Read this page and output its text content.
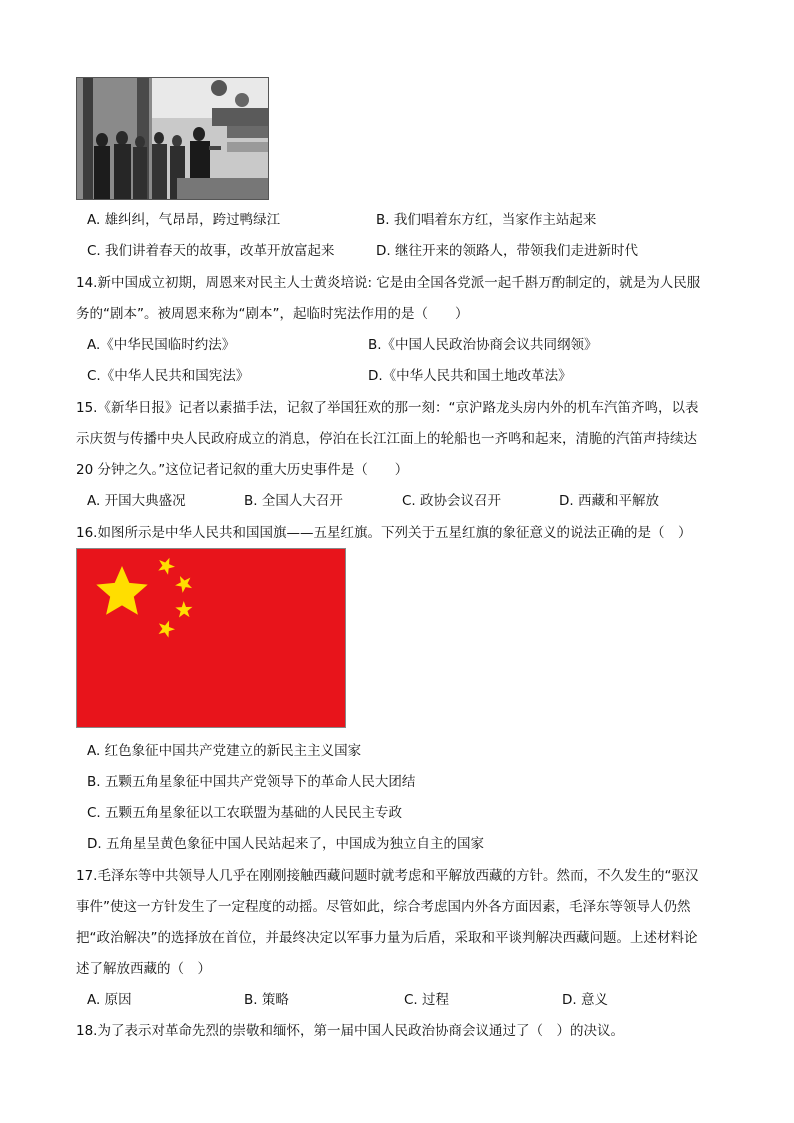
A. 雄纠纠，气昂昂，跨过鸭绿江	B. 我们唱着东方红，当家作主站起来
C. 我们讲着春天的故事，改革开放富起来	D. 继往开来的领路人，带领我们走进新时代
14.新中国成立初期，周恩来对民主人士黄炎培说: 它是由全国各党派一起千斟万酌制定的，就是为人民服
务的“剧本”。被周恩来称为“剧本”，起临时宪法作用的是（　　）
A.《中华民国临时约法》	B.《中国人民政治协商会议共同纲领》
C.《中华人民共和国宪法》	D.《中华人民共和国土地改革法》
15.《新华日报》记者以素描手法，记叙了举国狂欢的那一刻：“京沪路龙头房内外的机车汽笛齐鸣，以表
示庆贺与传播中央人民政府成立的消息，停泊在长江江面上的轮船也一齐鸣和起来，清脆的汽笛声持续达
20 分钟之久。”这位记者记叙的重大历史事件是（　　）
A. 开国大典盛况	B. 全国人大召开	C. 政协会议召开	D. 西藏和平解放
16.如图所示是中华人民共和国国旗——五星红旗。下列关于五星红旗的象征意义的说法正确的是（　）
A. 红色象征中国共产党建立的新民主主义国家
B. 五颗五角星象征中国共产党领导下的革命人民大团结
C. 五颗五角星象征以工农联盟为基础的人民民主专政
D. 五角星呈黄色象征中国人民站起来了，中国成为独立自主的国家
17.毛泽东等中共领导人几乎在刚刚接触西藏问题时就考虑和平解放西藏的方针。然而，不久发生的“驱汉
事件”使这一方针发生了一定程度的动摇。尽管如此，综合考虑国内外各方面因素，毛泽东等领导人仍然
把“政治解决”的选择放在首位，并最终决定以军事力量为后盾，采取和平谈判解决西藏问题。上述材料论
述了解放西藏的（　）
A. 原因	B. 策略	C. 过程	D. 意义
18.为了表示对革命先烈的崇敬和缅怀，第一届中国人民政治协商会议通过了（　）的决议。
